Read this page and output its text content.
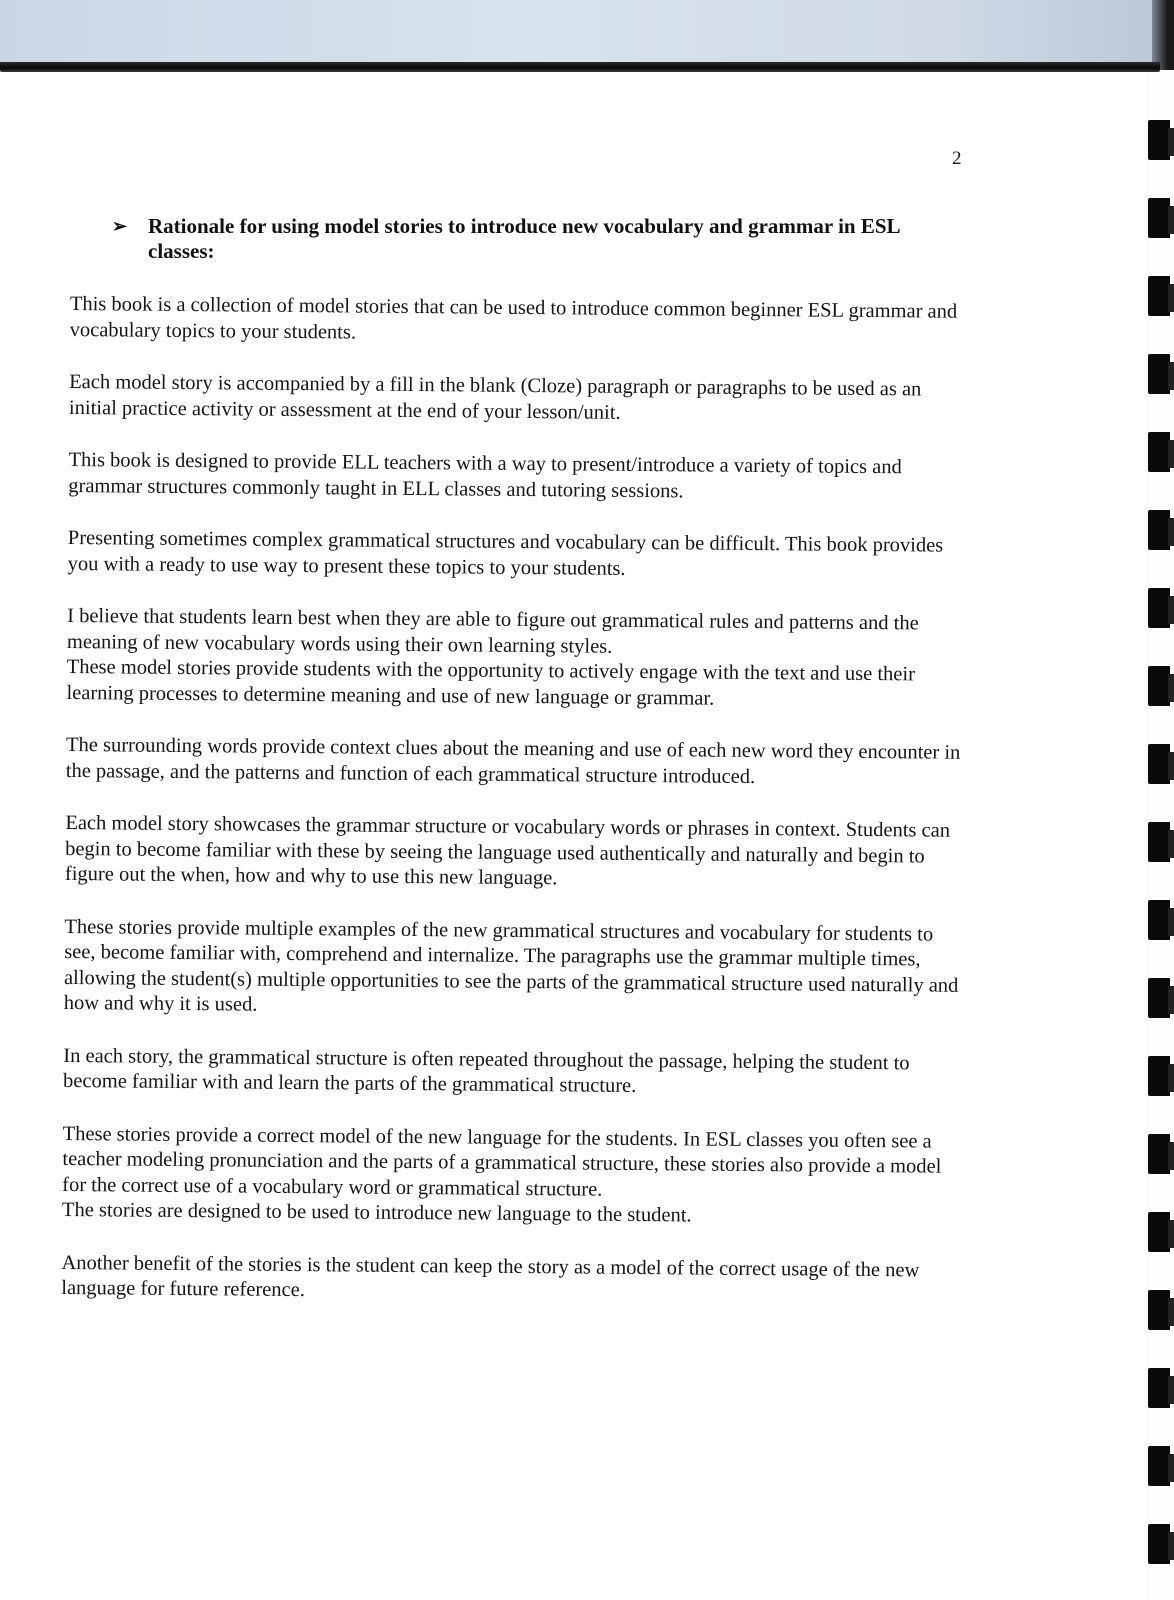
2
➢ Rationale for using model stories to introduce new vocabulary and grammar in ESL classes:

This book is a collection of model stories that can be used to introduce common beginner ESL grammar and vocabulary topics to your students.

Each model story is accompanied by a fill in the blank (Cloze) paragraph or paragraphs to be used as an initial practice activity or assessment at the end of your lesson/unit.

This book is designed to provide ELL teachers with a way to present/introduce a variety of topics and grammar structures commonly taught in ELL classes and tutoring sessions.

Presenting sometimes complex grammatical structures and vocabulary can be difficult. This book provides you with a ready to use way to present these topics to your students.

I believe that students learn best when they are able to figure out grammatical rules and patterns and the meaning of new vocabulary words using their own learning styles.

These model stories provide students with the opportunity to actively engage with the text and use their learning processes to determine meaning and use of new language or grammar.

The surrounding words provide context clues about the meaning and use of each new word they encounter in the passage, and the patterns and function of each grammatical structure introduced.

Each model story showcases the grammar structure or vocabulary words or phrases in context. Students can begin to become familiar with these by seeing the language used authentically and naturally and begin to figure out the when, how and why to use this new language.

These stories provide multiple examples of the new grammatical structures and vocabulary for students to see, become familiar with, comprehend and internalize. The paragraphs use the grammar multiple times, allowing the student(s) multiple opportunities to see the parts of the grammatical structure used naturally and how and why it is used.

In each story, the grammatical structure is often repeated throughout the passage, helping the student to become familiar with and learn the parts of the grammatical structure.

These stories provide a correct model of the new language for the students. In ESL classes you often see a teacher modeling pronunciation and the parts of a grammatical structure, these stories also provide a model for the correct use of a vocabulary word or grammatical structure.

The stories are designed to be used to introduce new language to the student.

Another benefit of the stories is the student can keep the story as a model of the correct usage of the new language for future reference.
